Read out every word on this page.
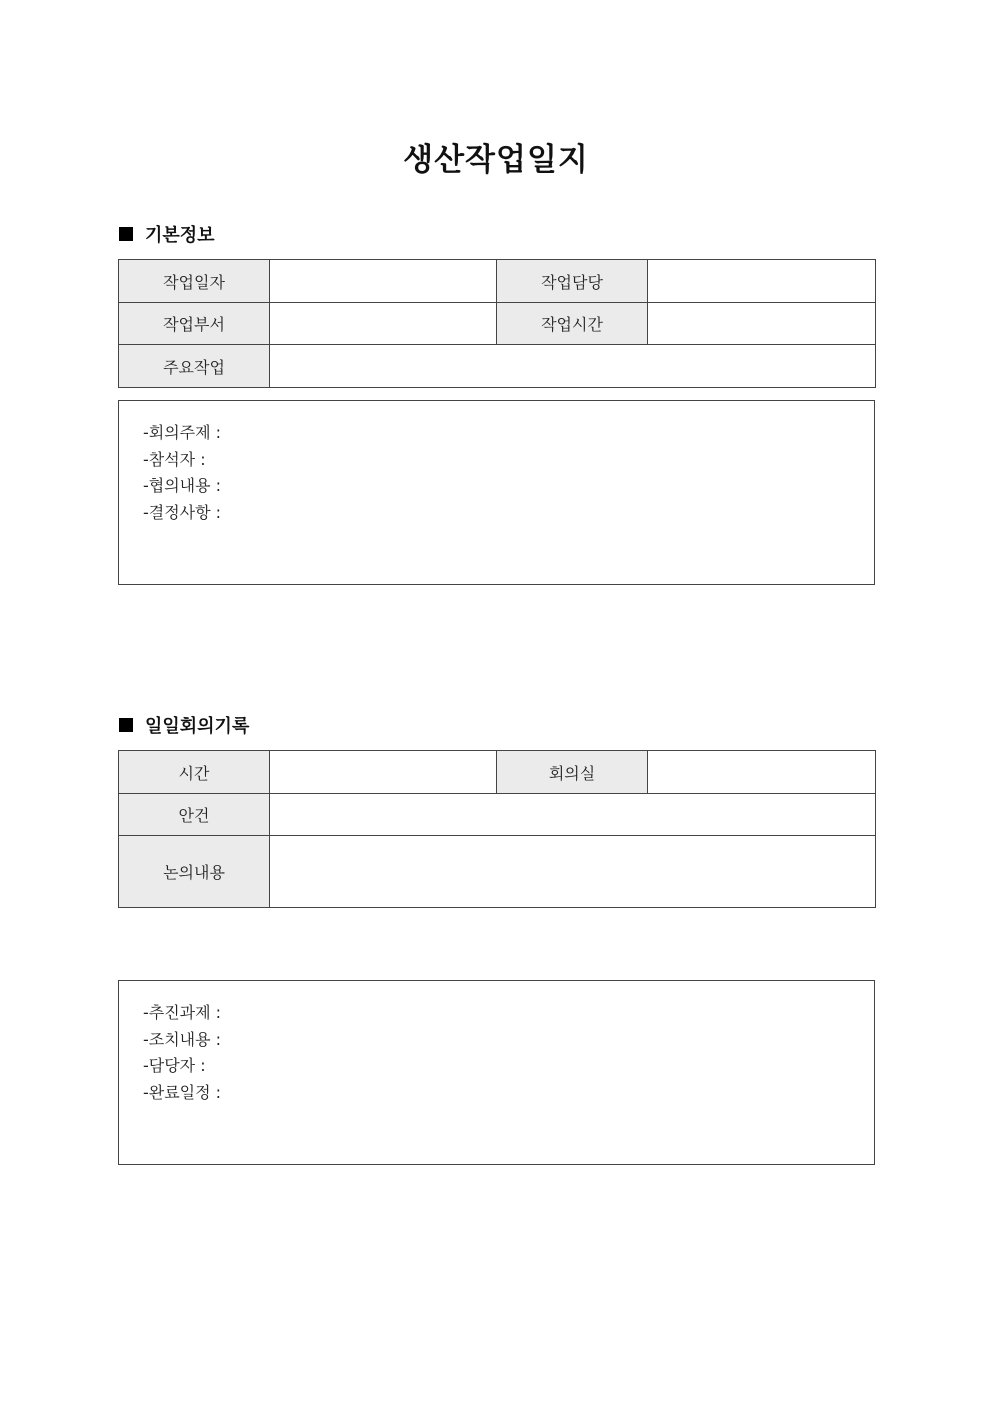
생산작업일지
기본정보
작업일자		작업담당	
작업부서		작업시간	
주요작업			
-회의주제 :
-참석자 :
-협의내용 :
-결정사항 :
일일회의기록
시간		회의실	
안건			
논의내용			
-추진과제 :
-조치내용 :
-담당자 :
-완료일정 :
